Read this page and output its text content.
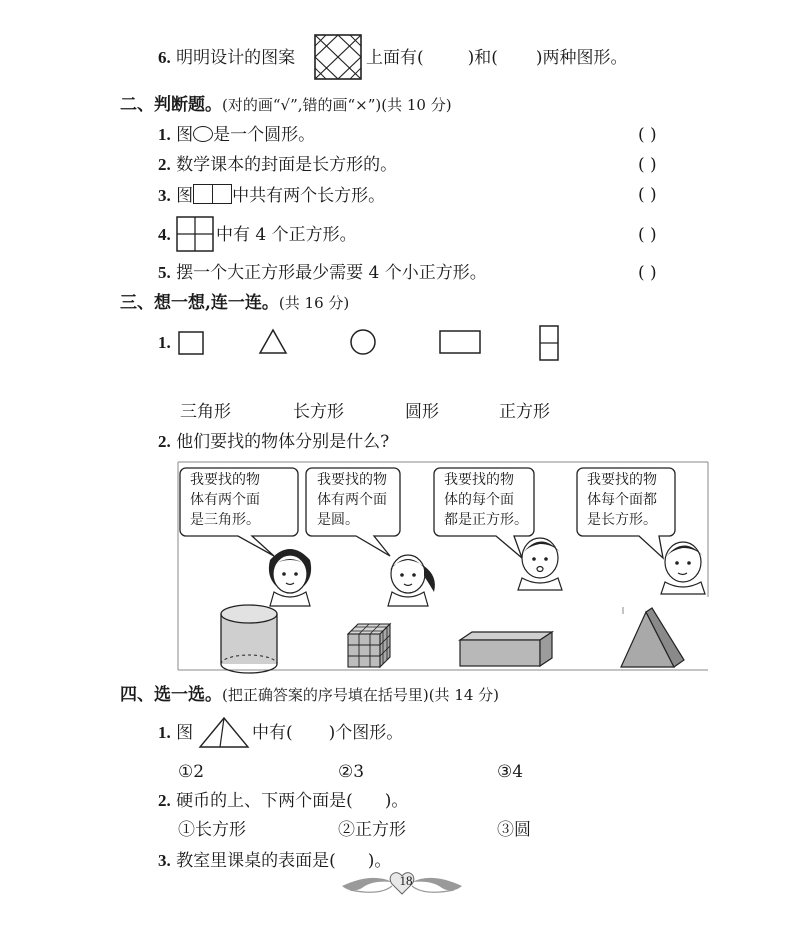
6. 明明设计的图案	上面有(	)和( )两种图形。
二、判断题。(对的画“√”,错的画“×”)(共 10 分)
1. 图 是一个圆形。	( )
2. 数学课本的封面是长方形的。	( )
3. 图 中共有两个长方形。	( )
4.	中有 4 个正方形。	( )
5. 摆一个大正方形最少需要 4 个小正方形。	( )
三、想一想,连一连。(共 16 分)
1.
三角形	长方形	圆形	正方形
2. 他们要找的物体分别是什么?
我要找的物
体有两个面
是三角形。
我要找的物
体有两个面
是圆。
我要找的物
体的每个面
都是正方形。
我要找的物
体每个面都
是长方形。
四、选一选。(把正确答案的序号填在括号里)(共 14 分)
1. 图	中有( )个图形。
①2	②3	③4
2. 硬币的上、下两个面是( )。
①长方形	②正方形	③圆
3. 教室里课桌的表面是( )。
18
